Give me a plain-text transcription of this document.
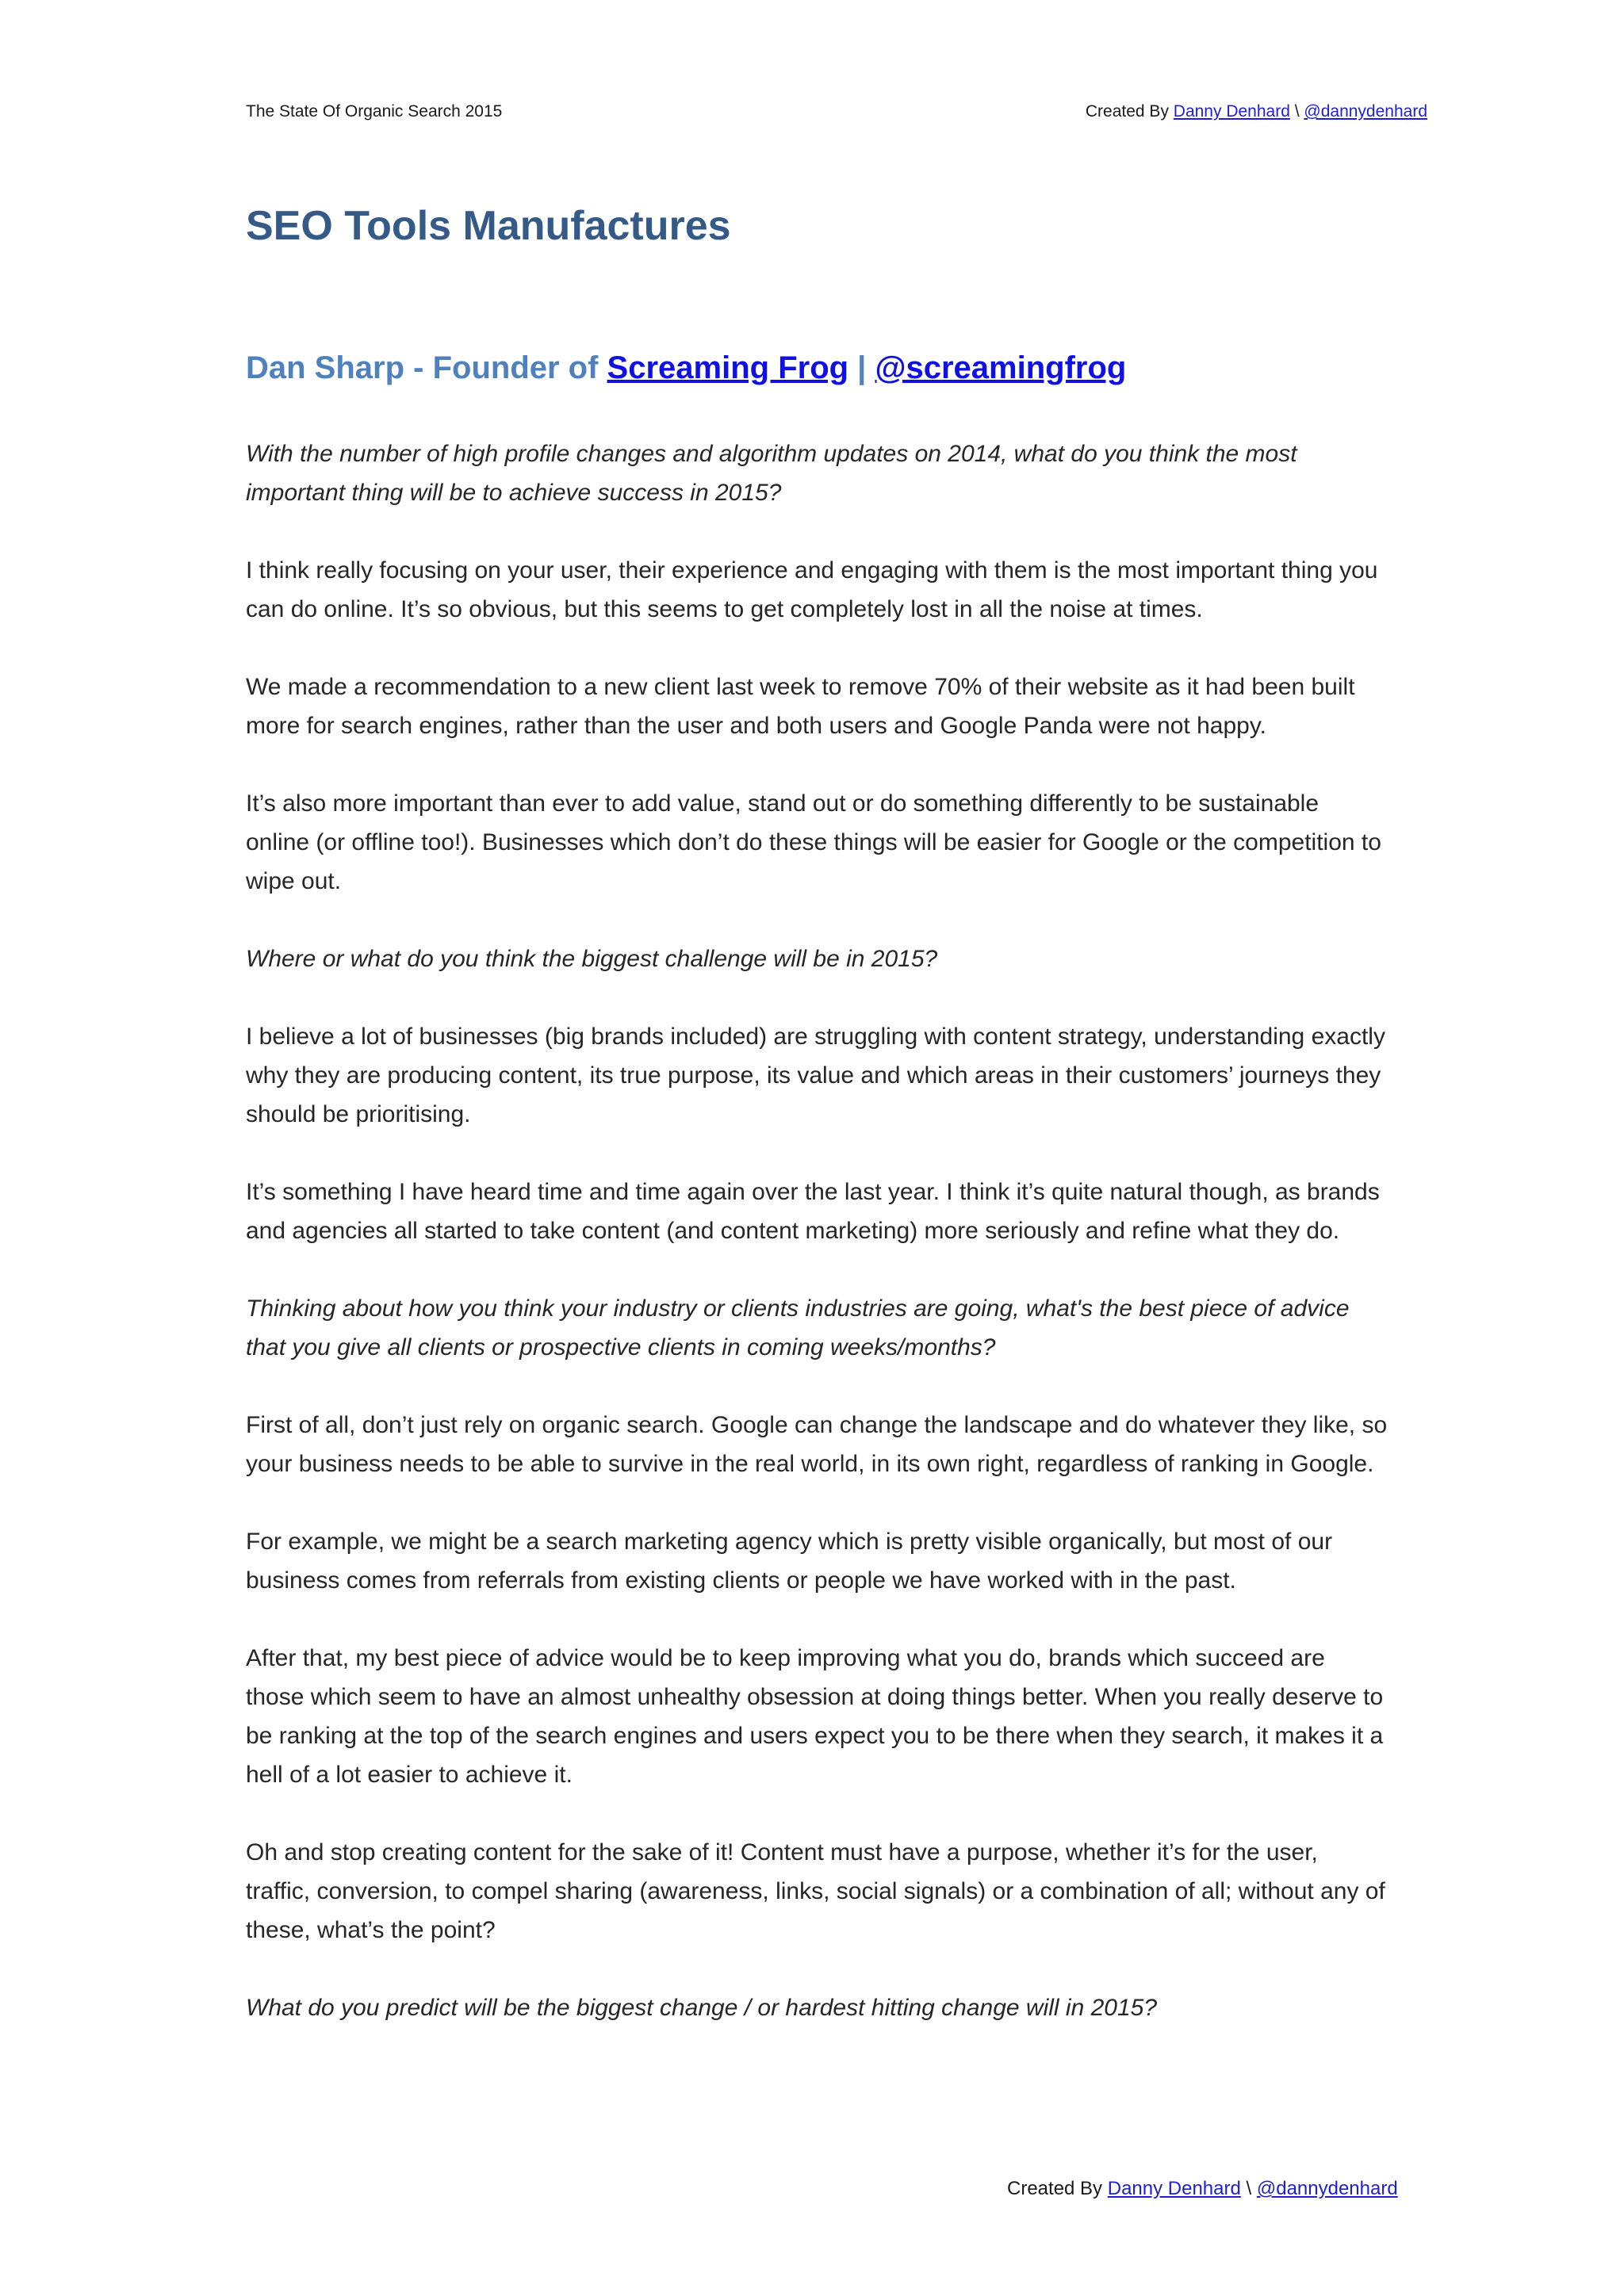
The State Of Organic Search 2015	Created By Danny Denhard \ @dannydenhard
SEO Tools Manufactures
Dan Sharp - Founder of Screaming Frog | @screamingfrog

With the number of high profile changes and algorithm updates on 2014, what do you think the most important thing will be to achieve success in 2015?

I think really focusing on your user, their experience and engaging with them is the most important thing you can do online. It’s so obvious, but this seems to get completely lost in all the noise at times.

We made a recommendation to a new client last week to remove 70% of their website as it had been built more for search engines, rather than the user and both users and Google Panda were not happy.

It’s also more important than ever to add value, stand out or do something differently to be sustainable online (or offline too!). Businesses which don’t do these things will be easier for Google or the competition to wipe out.

Where or what do you think the biggest challenge will be in 2015?

I believe a lot of businesses (big brands included) are struggling with content strategy, understanding exactly why they are producing content, its true purpose, its value and which areas in their customers’ journeys they should be prioritising.

It’s something I have heard time and time again over the last year. I think it’s quite natural though, as brands and agencies all started to take content (and content marketing) more seriously and refine what they do.

Thinking about how you think your industry or clients industries are going, what's the best piece of advice that you give all clients or prospective clients in coming weeks/months?

First of all, don’t just rely on organic search. Google can change the landscape and do whatever they like, so your business needs to be able to survive in the real world, in its own right, regardless of ranking in Google.

For example, we might be a search marketing agency which is pretty visible organically, but most of our business comes from referrals from existing clients or people we have worked with in the past.

After that, my best piece of advice would be to keep improving what you do, brands which succeed are those which seem to have an almost unhealthy obsession at doing things better. When you really deserve to be ranking at the top of the search engines and users expect you to be there when they search, it makes it a hell of a lot easier to achieve it.

Oh and stop creating content for the sake of it! Content must have a purpose, whether it’s for the user, traffic, conversion, to compel sharing (awareness, links, social signals) or a combination of all; without any of these, what’s the point?

What do you predict will be the biggest change / or hardest hitting change will in 2015?

Created By Danny Denhard \ @dannydenhard
